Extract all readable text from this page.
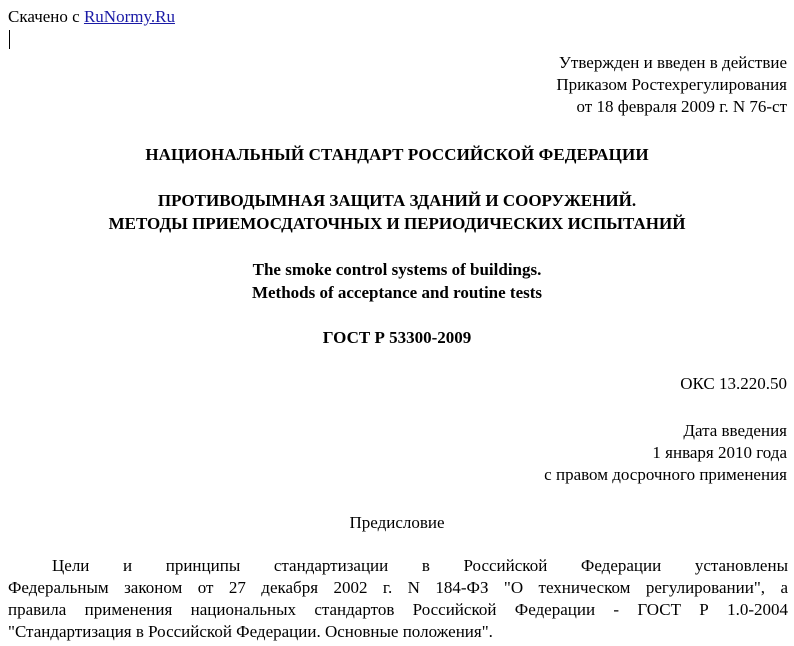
Скачено с RuNormy.Ru
Утвержден и введен в действие
Приказом Ростехрегулирования
от 18 февраля 2009 г. N 76-ст
НАЦИОНАЛЬНЫЙ СТАНДАРТ РОССИЙСКОЙ ФЕДЕРАЦИИ
ПРОТИВОДЫМНАЯ ЗАЩИТА ЗДАНИЙ И СООРУЖЕНИЙ.
МЕТОДЫ ПРИЕМОСДАТОЧНЫХ И ПЕРИОДИЧЕСКИХ ИСПЫТАНИЙ
The smoke control systems of buildings.
Methods of acceptance and routine tests
ГОСТ Р 53300-2009
ОКС 13.220.50
Дата введения
1 января 2010 года
с правом досрочного применения
Предисловие
Цели и принципы стандартизации в Российской Федерации установлены
Федеральным законом от 27 декабря 2002 г. N 184-ФЗ "О техническом регулировании", а
правила применения национальных стандартов Российской Федерации - ГОСТ Р 1.0-2004
"Стандартизация в Российской Федерации. Основные положения".
